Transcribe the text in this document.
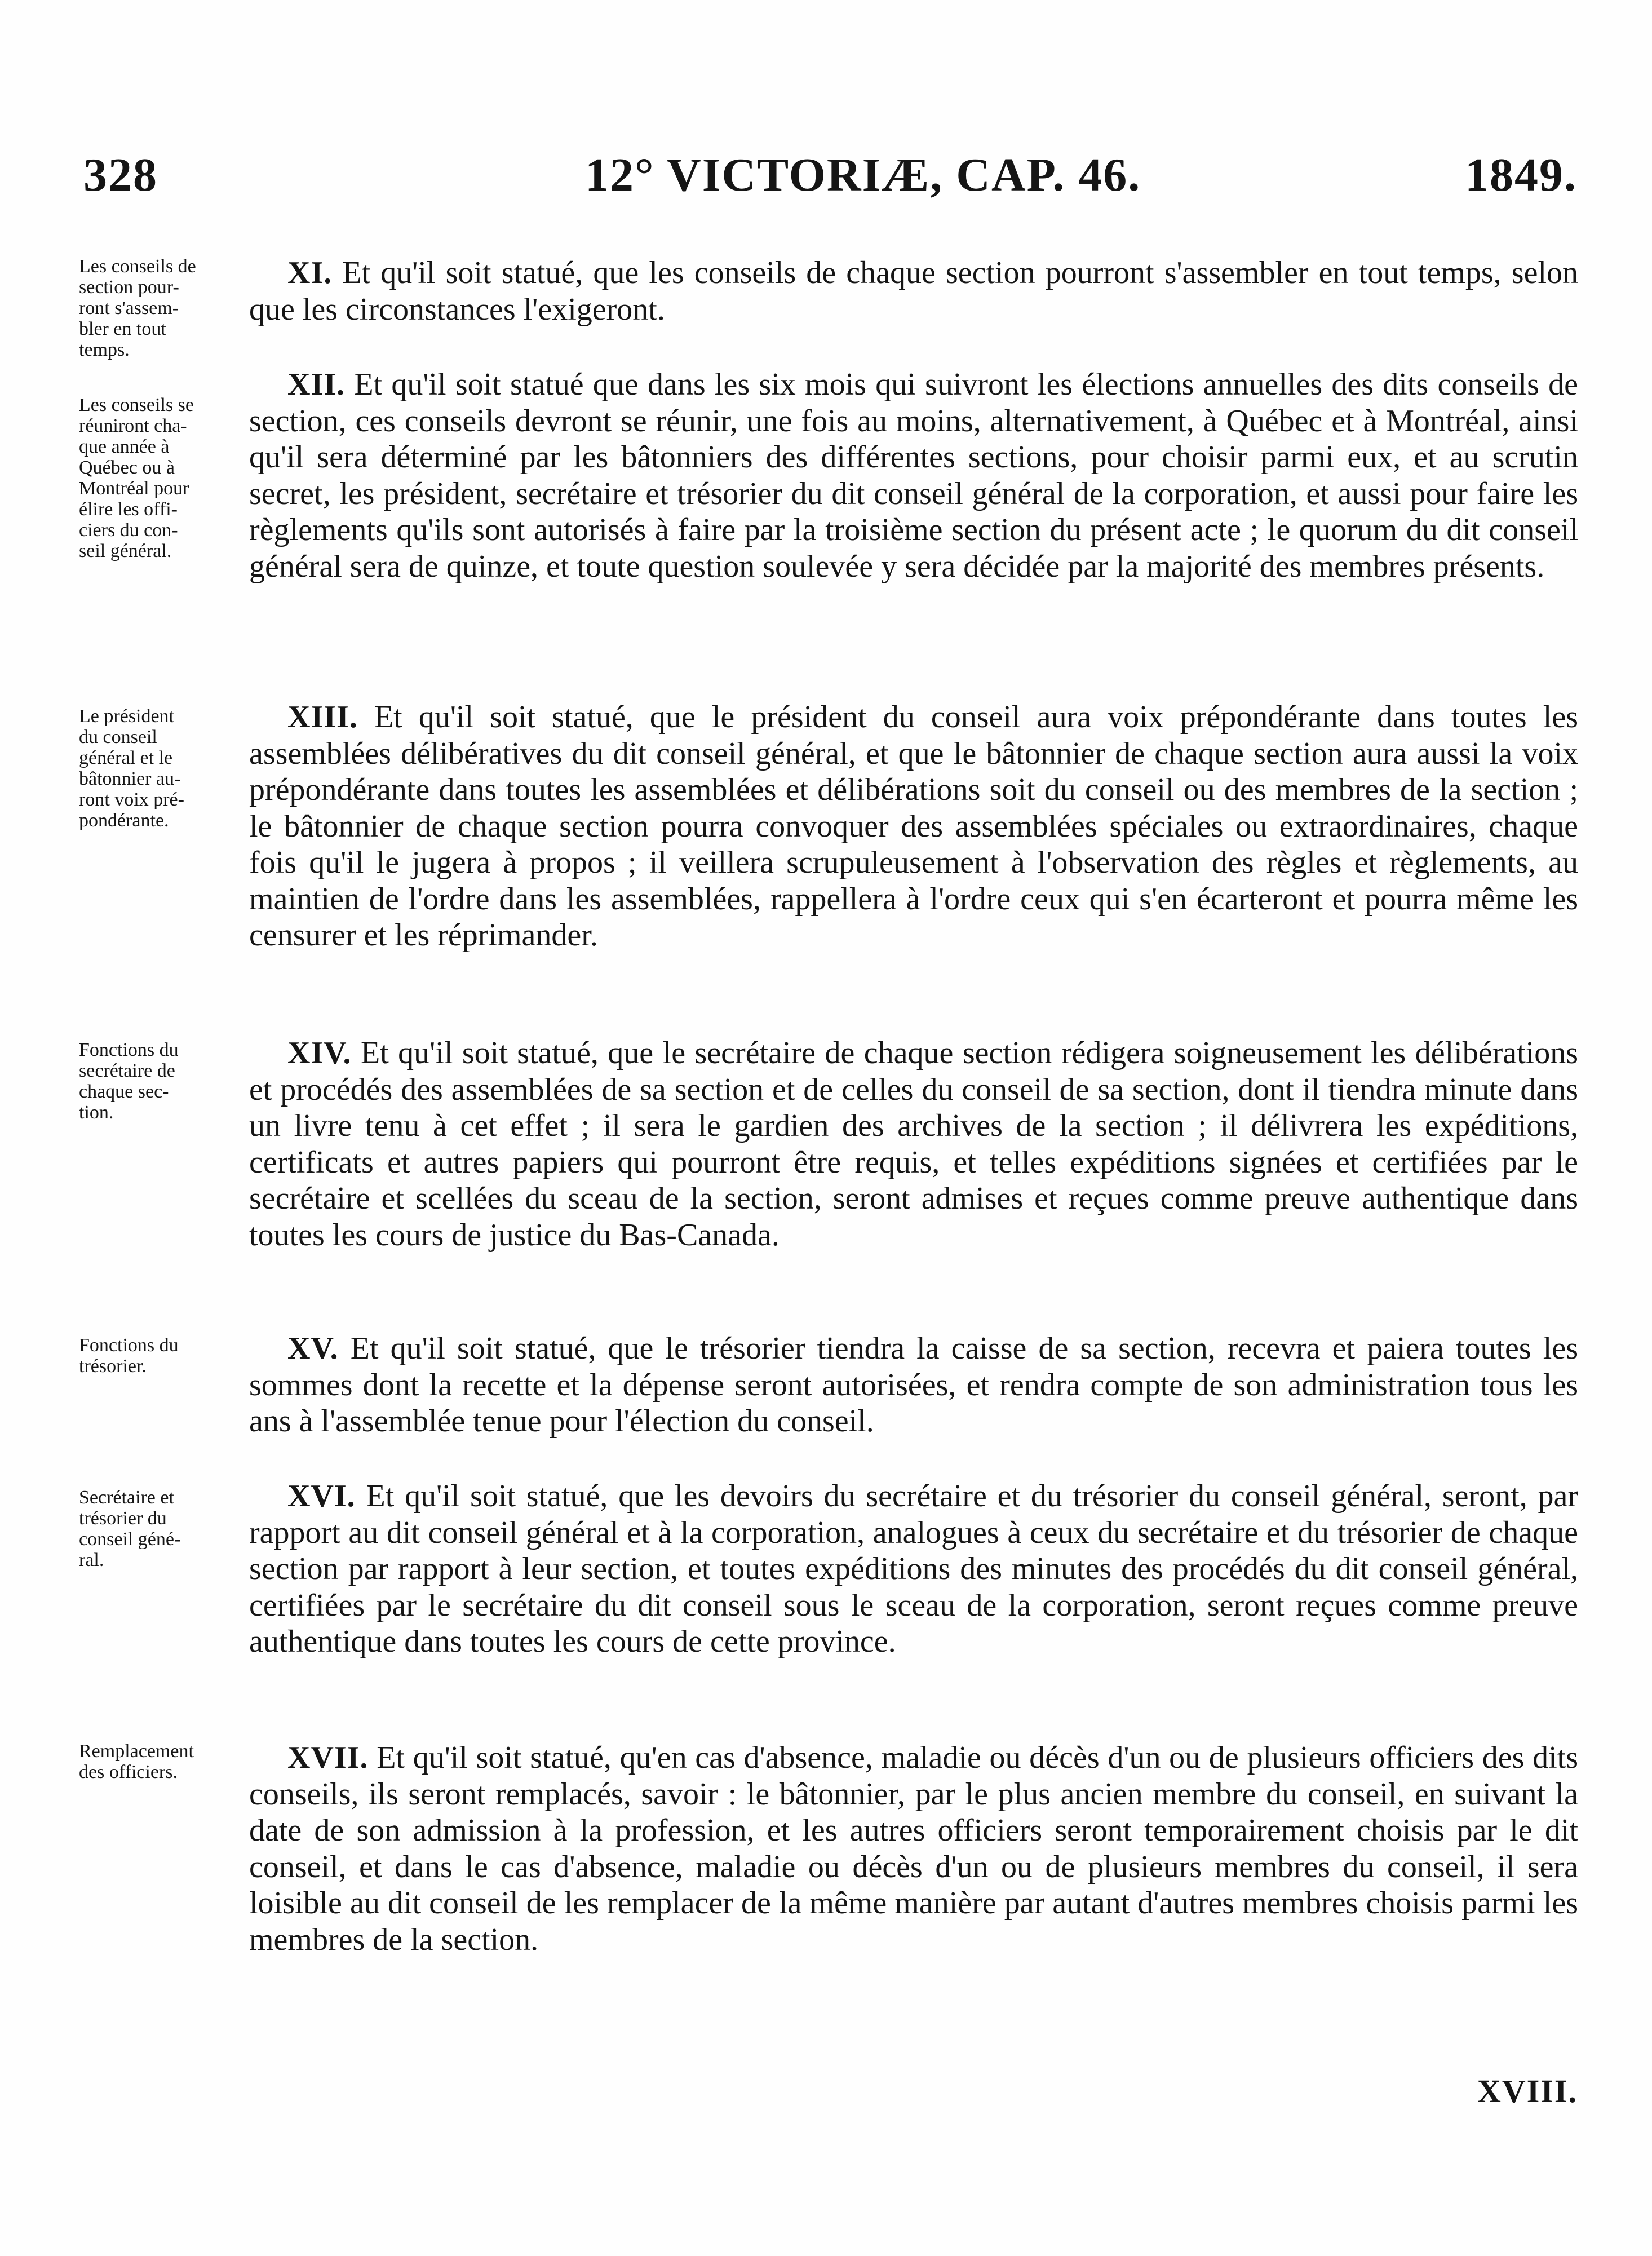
328	12° VICTORIÆ, CAP. 46.	1849.
Les conseils de
section pour-
ront s'assem-
bler en tout
temps.

XI. Et qu'il soit statué, que les conseils de chaque section pourront s'assembler en tout temps, selon que les circonstances l'exigeront.

Les conseils se
réuniront cha-
que année à
Québec ou à
Montréal pour
élire les offi-
ciers du con-
seil général.

XII. Et qu'il soit statué que dans les six mois qui suivront les élections annuelles des dits conseils de section, ces conseils devront se réunir, une fois au moins, alternativement, à Québec et à Montréal, ainsi qu'il sera déterminé par les bâtonniers des différentes sections, pour choisir parmi eux, et au scrutin secret, les président, secrétaire et trésorier du dit conseil général de la corporation, et aussi pour faire les règlements qu'ils sont autorisés à faire par la troisième section du présent acte ; le quorum du dit conseil général sera de quinze, et toute question soulevée y sera décidée par la majorité des membres présents.

Le président
du conseil
général et le
bâtonnier au-
ront voix pré-
pondérante.

XIII. Et qu'il soit statué, que le président du conseil aura voix prépondérante dans toutes les assemblées délibératives du dit conseil général, et que le bâtonnier de chaque section aura aussi la voix prépondérante dans toutes les assemblées et délibérations soit du conseil ou des membres de la section ; le bâtonnier de chaque section pourra convoquer des assemblées spéciales ou extraordinaires, chaque fois qu'il le jugera à propos ; il veillera scrupuleusement à l'observation des règles et règlements, au maintien de l'ordre dans les assemblées, rappellera à l'ordre ceux qui s'en écarteront et pourra même les censurer et les réprimander.

Fonctions du
secrétaire de
chaque sec-
tion.

XIV. Et qu'il soit statué, que le secrétaire de chaque section rédigera soigneusement les délibérations et procédés des assemblées de sa section et de celles du conseil de sa section, dont il tiendra minute dans un livre tenu à cet effet ; il sera le gardien des archives de la section ; il délivrera les expéditions, certificats et autres papiers qui pourront être requis, et telles expéditions signées et certifiées par le secrétaire et scellées du sceau de la section, seront admises et reçues comme preuve authentique dans toutes les cours de justice du Bas-Canada.

Fonctions du
trésorier.

XV. Et qu'il soit statué, que le trésorier tiendra la caisse de sa section, recevra et paiera toutes les sommes dont la recette et la dépense seront autorisées, et rendra compte de son administration tous les ans à l'assemblée tenue pour l'élection du conseil.

Secrétaire et
trésorier du
conseil géné-
ral.

XVI. Et qu'il soit statué, que les devoirs du secrétaire et du trésorier du conseil général, seront, par rapport au dit conseil général et à la corporation, analogues à ceux du secrétaire et du trésorier de chaque section par rapport à leur section, et toutes expéditions des minutes des procédés du dit conseil général, certifiées par le secrétaire du dit conseil sous le sceau de la corporation, seront reçues comme preuve authentique dans toutes les cours de cette province.

Remplacement
des officiers.	XVII. Et qu'il soit statué, qu'en cas d'absence, maladie ou décès d'un ou de plusieurs officiers des dits conseils, ils seront remplacés, savoir : le bâtonnier, par le plus ancien membre du conseil, en suivant la date de son admission à la profession, et les autres officiers seront temporairement choisis par le dit conseil, et dans le cas d'absence, maladie ou décès d'un ou de plusieurs membres du conseil, il sera loisible au dit conseil de les remplacer de la même manière par autant d'autres membres choisis parmi les membres de la section.

XVIII.
